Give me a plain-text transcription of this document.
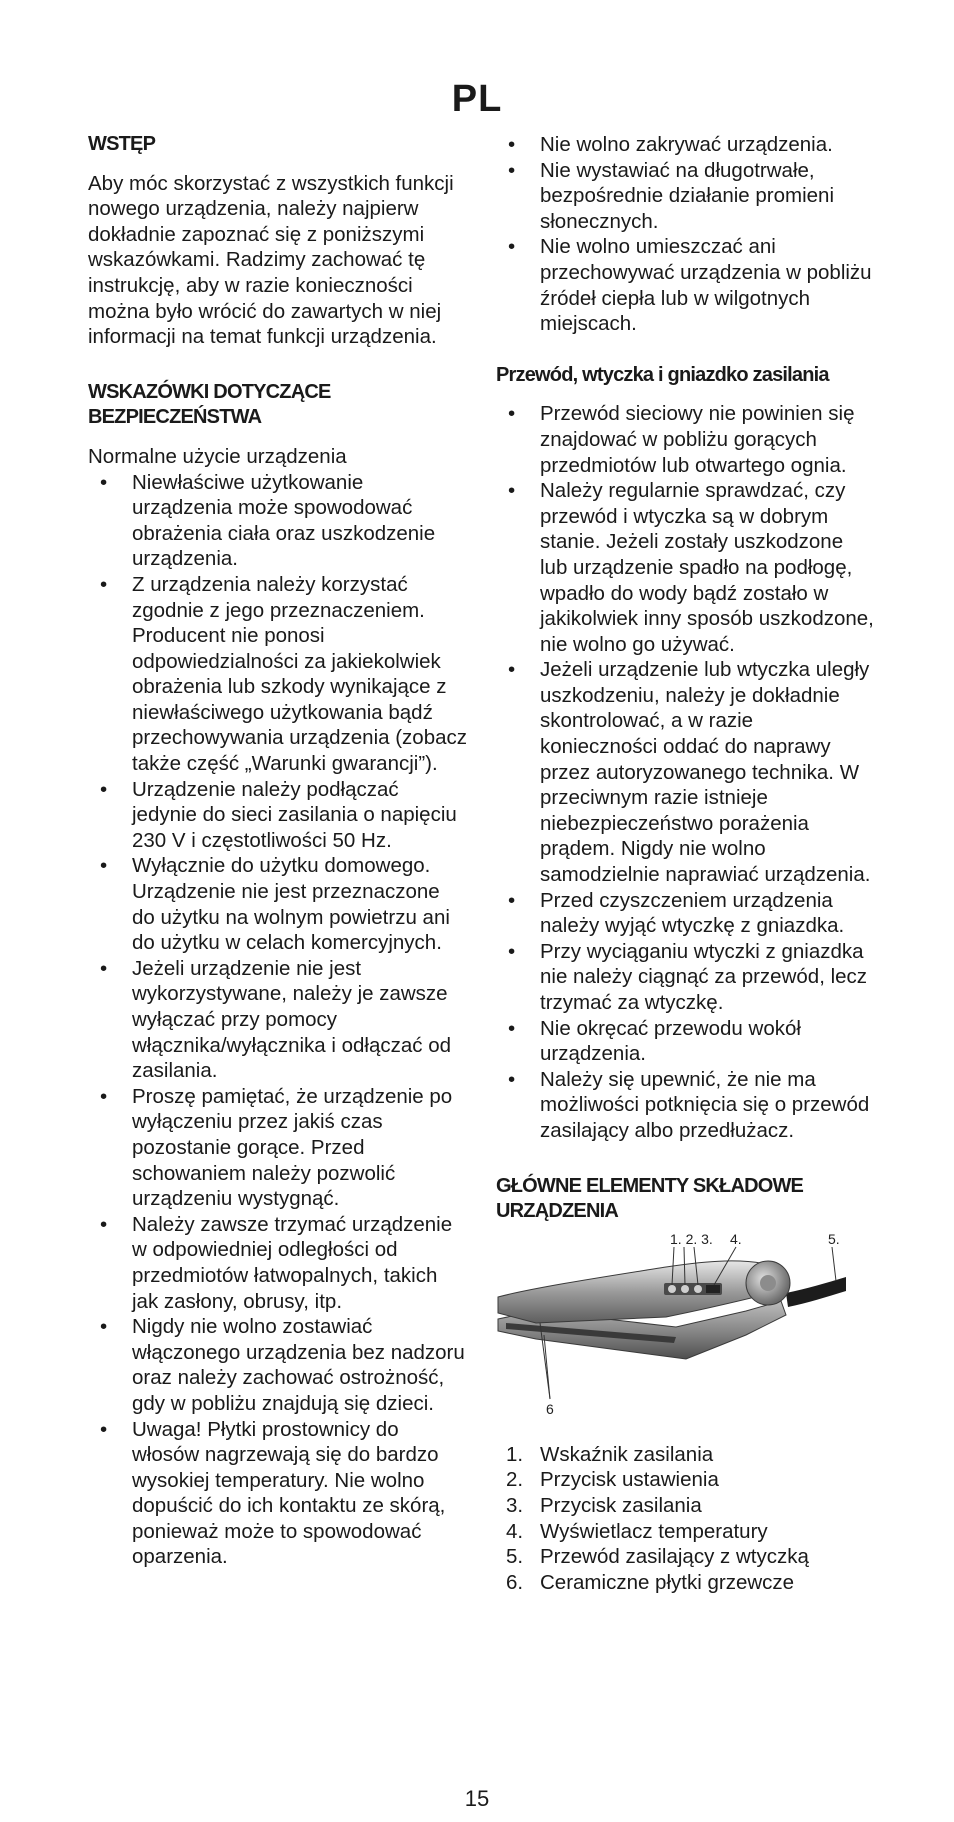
PL
WSTĘP

Aby móc skorzystać z wszystkich funkcji nowego urządzenia, należy najpierw dokładnie zapoznać się z poniższymi wskazówkami. Radzimy zachować tę instrukcję, aby w razie konieczności można było wrócić do zawartych w niej informacji na temat funkcji urządzenia.

WSKAZÓWKI DOTYCZĄCE
BEZPIECZEŃSTWA

Normalne użycie urządzenia

• Niewłaściwe użytkowanie urządzenia może spowodować obrażenia ciała oraz uszkodzenie urządzenia.
• Z urządzenia należy korzystać zgodnie z jego przeznaczeniem. Producent nie ponosi odpowiedzialności za jakiekolwiek obrażenia lub szkody wynikające z niewłaściwego użytkowania bądź przechowywania urządzenia (zobacz także część „Warunki gwarancji”).
• Urządzenie należy podłączać jedynie do sieci zasilania o napięciu 230 V i częstotliwości 50 Hz.
• Wyłącznie do użytku domowego. Urządzenie nie jest przeznaczone do użytku na wolnym powietrzu ani do użytku w celach komercyjnych.
• Jeżeli urządzenie nie jest wykorzystywane, należy je zawsze wyłączać przy pomocy włącznika/wyłącznika i odłączać od zasilania.
• Proszę pamiętać, że urządzenie po wyłączeniu przez jakiś czas pozostanie gorące. Przed schowaniem należy pozwolić urządzeniu wystygnąć.
• Należy zawsze trzymać urządzenie w odpowiedniej odległości od przedmiotów łatwopalnych, takich jak zasłony, obrusy, itp.
• Nigdy nie wolno zostawiać włączonego urządzenia bez nadzoru oraz należy zachować ostrożność, gdy w pobliżu znajdują się dzieci.
• Uwaga! Płytki prostownicy do włosów nagrzewają się do bardzo wysokiej temperatury. Nie wolno dopuścić do ich kontaktu ze skórą, ponieważ może to spowodować oparzenia.
• Nie wolno zakrywać urządzenia.
• Nie wystawiać na długotrwałe, bezpośrednie działanie promieni słonecznych.
• Nie wolno umieszczać ani przechowywać urządzenia w pobliżu źródeł ciepła lub w wilgotnych miejscach.
Przewód, wtyczka i gniazdko zasilania
• Przewód sieciowy nie powinien się znajdować w pobliżu gorących przedmiotów lub otwartego ognia.
• Należy regularnie sprawdzać, czy przewód i wtyczka są w dobrym stanie. Jeżeli zostały uszkodzone lub urządzenie spadło na podłogę, wpadło do wody bądź zostało w jakikolwiek inny sposób uszkodzone, nie wolno go używać.
• Jeżeli urządzenie lub wtyczka uległy uszkodzeniu, należy je dokładnie skontrolować, a w razie konieczności oddać do naprawy przez autoryzowanego technika. W przeciwnym razie istnieje niebezpieczeństwo porażenia prądem. Nigdy nie wolno samodzielnie naprawiać urządzenia.
• Przed czyszczeniem urządzenia należy wyjąć wtyczkę z gniazdka.
• Przy wyciąganiu wtyczki z gniazdka nie należy ciągnąć za przewód, lecz trzymać za wtyczkę.
• Nie okręcać przewodu wokół urządzenia.
• Należy się upewnić, że nie ma możliwości potknięcia się o przewód zasilający albo przedłużacz.
GŁÓWNE ELEMENTY SKŁADOWE
URZĄDZENIA
1. 2. 3. 4.	5.
6
1. Wskaźnik zasilania
2. Przycisk ustawienia
3. Przycisk zasilania
4. Wyświetlacz temperatury
5. Przewód zasilający z wtyczką
6. Ceramiczne płytki grzewcze
15
